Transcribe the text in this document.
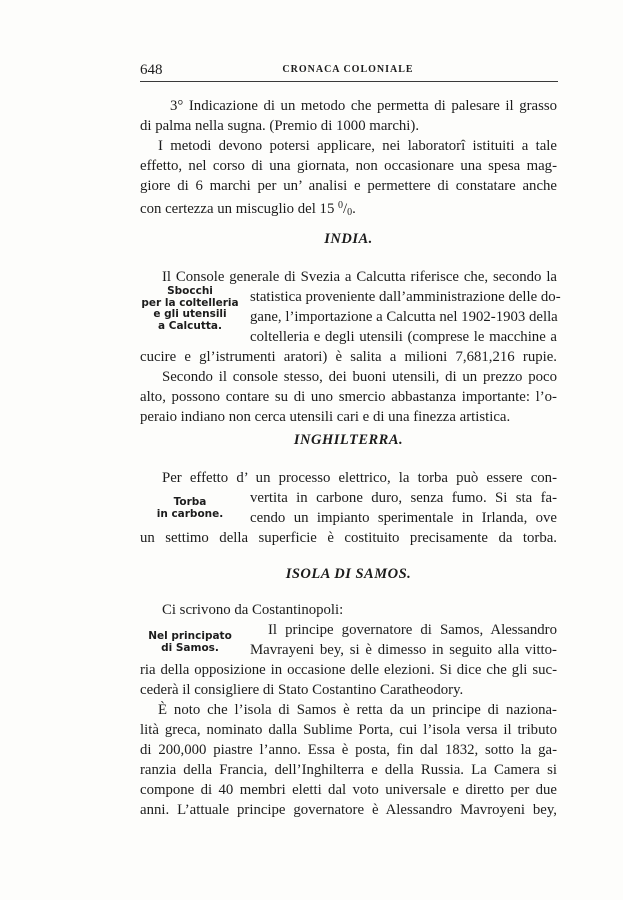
648	CRONACA COLONIALE
3° Indicazione di un metodo che permetta di palesare il grasso
di palma nella sugna. (Premio di 1000 marchi).
I metodi devono potersi applicare, nei laboratorî istituiti a tale
effetto, nel corso di una giornata, non occasionare una spesa mag-
giore di 6 marchi per un’ analisi e permettere di constatare anche
con certezza un miscuglio del 15 $^0$/0.
INDIA.
Il Console generale di Svezia a Calcutta riferisce che, secondo la
Sbocchi
per la coltelleria
e gli utensili
a Calcutta.
statistica proveniente dall’amministrazione delle do-
gane, l’importazione a Calcutta nel 1902-1903 della
coltelleria e degli utensili (comprese le macchine a
cucire e gl’istrumenti aratori) è salita a milioni 7,681,216 rupie.
Secondo il console stesso, dei buoni utensili, di un prezzo poco
alto, possono contare su di uno smercio abbastanza importante: l’o-
peraio indiano non cerca utensili cari e di una finezza artistica.
INGHILTERRA.
Per effetto d’ un processo elettrico, la torba può essere con-
Torba
in carbone.
vertita in carbone duro, senza fumo. Si sta fa-
cendo un impianto sperimentale in Irlanda, ove
un settimo della superficie è costituito precisamente da torba.
ISOLA DI SAMOS.
Ci scrivono da Costantinopoli:
Nel principato
di Samos.
Il principe governatore di Samos, Alessandro
Mavrayeni bey, si è dimesso in seguito alla vitto-
ria della opposizione in occasione delle elezioni. Si dice che gli suc-
cederà il consigliere di Stato Costantino Caratheodory.
È noto che l’isola di Samos è retta da un principe di naziona-
lità greca, nominato dalla Sublime Porta, cui l’isola versa il tributo
di 200,000 piastre l’anno. Essa è posta, fin dal 1832, sotto la ga-
ranzia della Francia, dell’Inghilterra e della Russia. La Camera si
compone di 40 membri eletti dal voto universale e diretto per due
anni. L’attuale principe governatore è Alessandro Mavroyeni bey,
